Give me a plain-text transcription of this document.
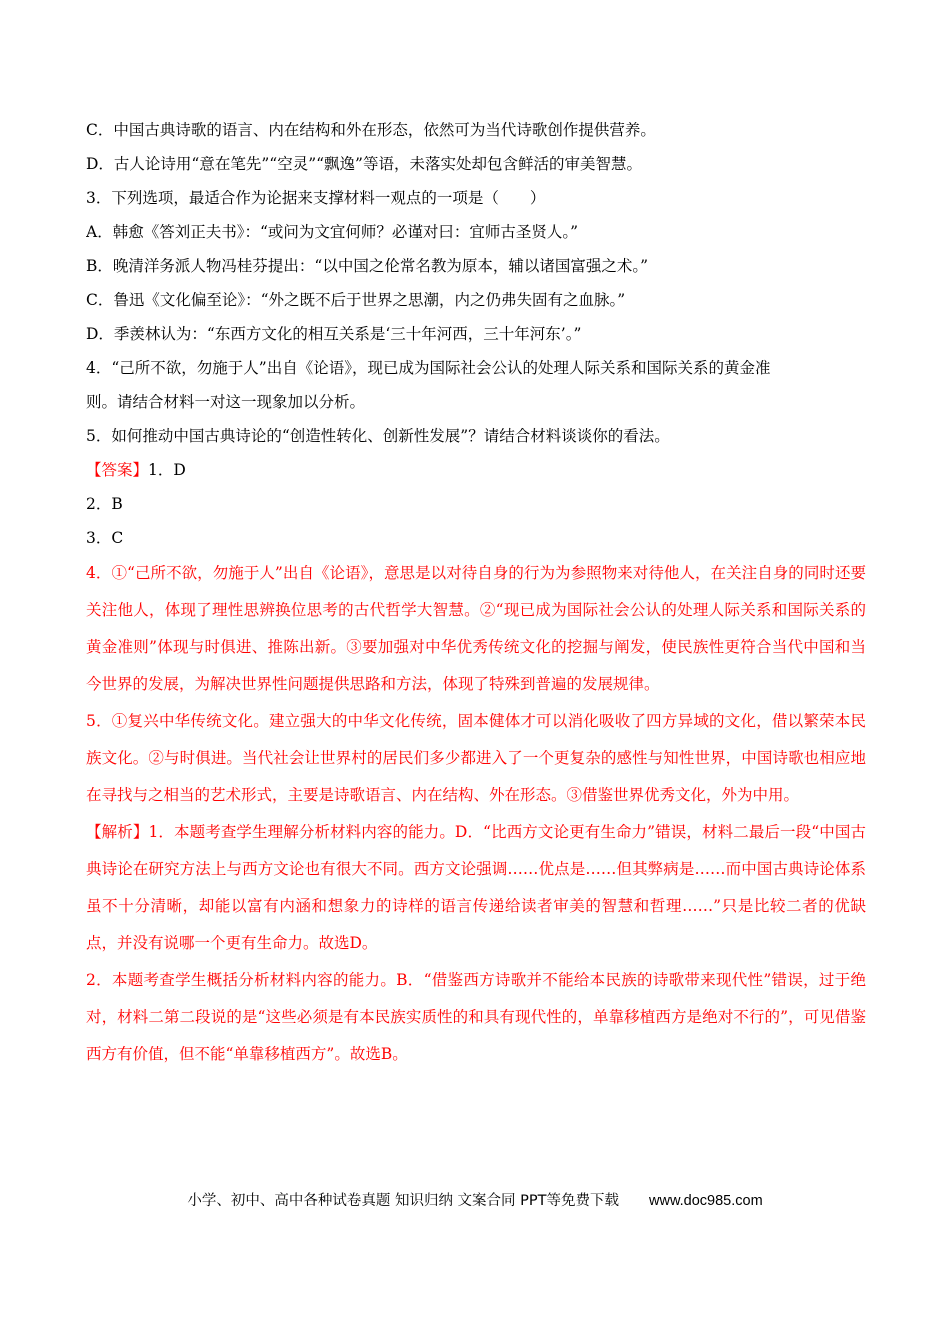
C．中国古典诗歌的语言、内在结构和外在形态，依然可为当代诗歌创作提供营养。
D．古人论诗用“意在笔先”“空灵”“飘逸”等语，未落实处却包含鲜活的审美智慧。
3．下列选项，最适合作为论据来支撑材料一观点的一项是（　　）
A．韩愈《答刘正夫书》：“或问为文宜何师？必谨对曰：宜师古圣贤人。”
B．晚清洋务派人物冯桂芬提出：“以中国之伦常名教为原本，辅以诸国富强之术。”
C．鲁迅《文化偏至论》：“外之既不后于世界之思潮，内之仍弗失固有之血脉。”
D．季羡林认为：“东西方文化的相互关系是‘三十年河西，三十年河东’。”
4．“己所不欲，勿施于人”出自《论语》，现已成为国际社会公认的处理人际关系和国际关系的黄金准
则。请结合材料一对这一现象加以分析。
5．如何推动中国古典诗论的“创造性转化、创新性发展”？请结合材料谈谈你的看法。
【答案】1．D
2．B
3．C
4．①“己所不欲，勿施于人”出自《论语》，意思是以对待自身的行为为参照物来对待他人，在关注自身的同时还要关注他人，体现了理性思辨换位思考的古代哲学大智慧。②“现已成为国际社会公认的处理人际关系和国际关系的黄金准则”体现与时俱进、推陈出新。③要加强对中华优秀传统文化的挖掘与阐发，使民族性更符合当代中国和当今世界的发展，为解决世界性问题提供思路和方法，体现了特殊到普遍的发展规律。
5．①复兴中华传统文化。建立强大的中华文化传统，固本健体才可以消化吸收了四方异域的文化，借以繁荣本民族文化。②与时俱进。当代社会让世界村的居民们多少都进入了一个更复杂的感性与知性世界，中国诗歌也相应地在寻找与之相当的艺术形式，主要是诗歌语言、内在结构、外在形态。③借鉴世界优秀文化，外为中用。
【解析】1．本题考查学生理解分析材料内容的能力。D．“比西方文论更有生命力”错误，材料二最后一段“中国古典诗论在研究方法上与西方文论也有很大不同。西方文论强调……优点是……但其弊病是……而中国古典诗论体系虽不十分清晰，却能以富有内涵和想象力的诗样的语言传递给读者审美的智慧和哲理……”只是比较二者的优缺点，并没有说哪一个更有生命力。故选D。
2．本题考查学生概括分析材料内容的能力。B．“借鉴西方诗歌并不能给本民族的诗歌带来现代性”错误，过于绝对，材料二第二段说的是“这些必须是有本民族实质性的和具有现代性的，单靠移植西方是绝对不行的”，可见借鉴西方有价值，但不能“单靠移植西方”。故选B。
小学、初中、高中各种试卷真题 知识归纳 文案合同 PPT等免费下载 www.doc985.com
